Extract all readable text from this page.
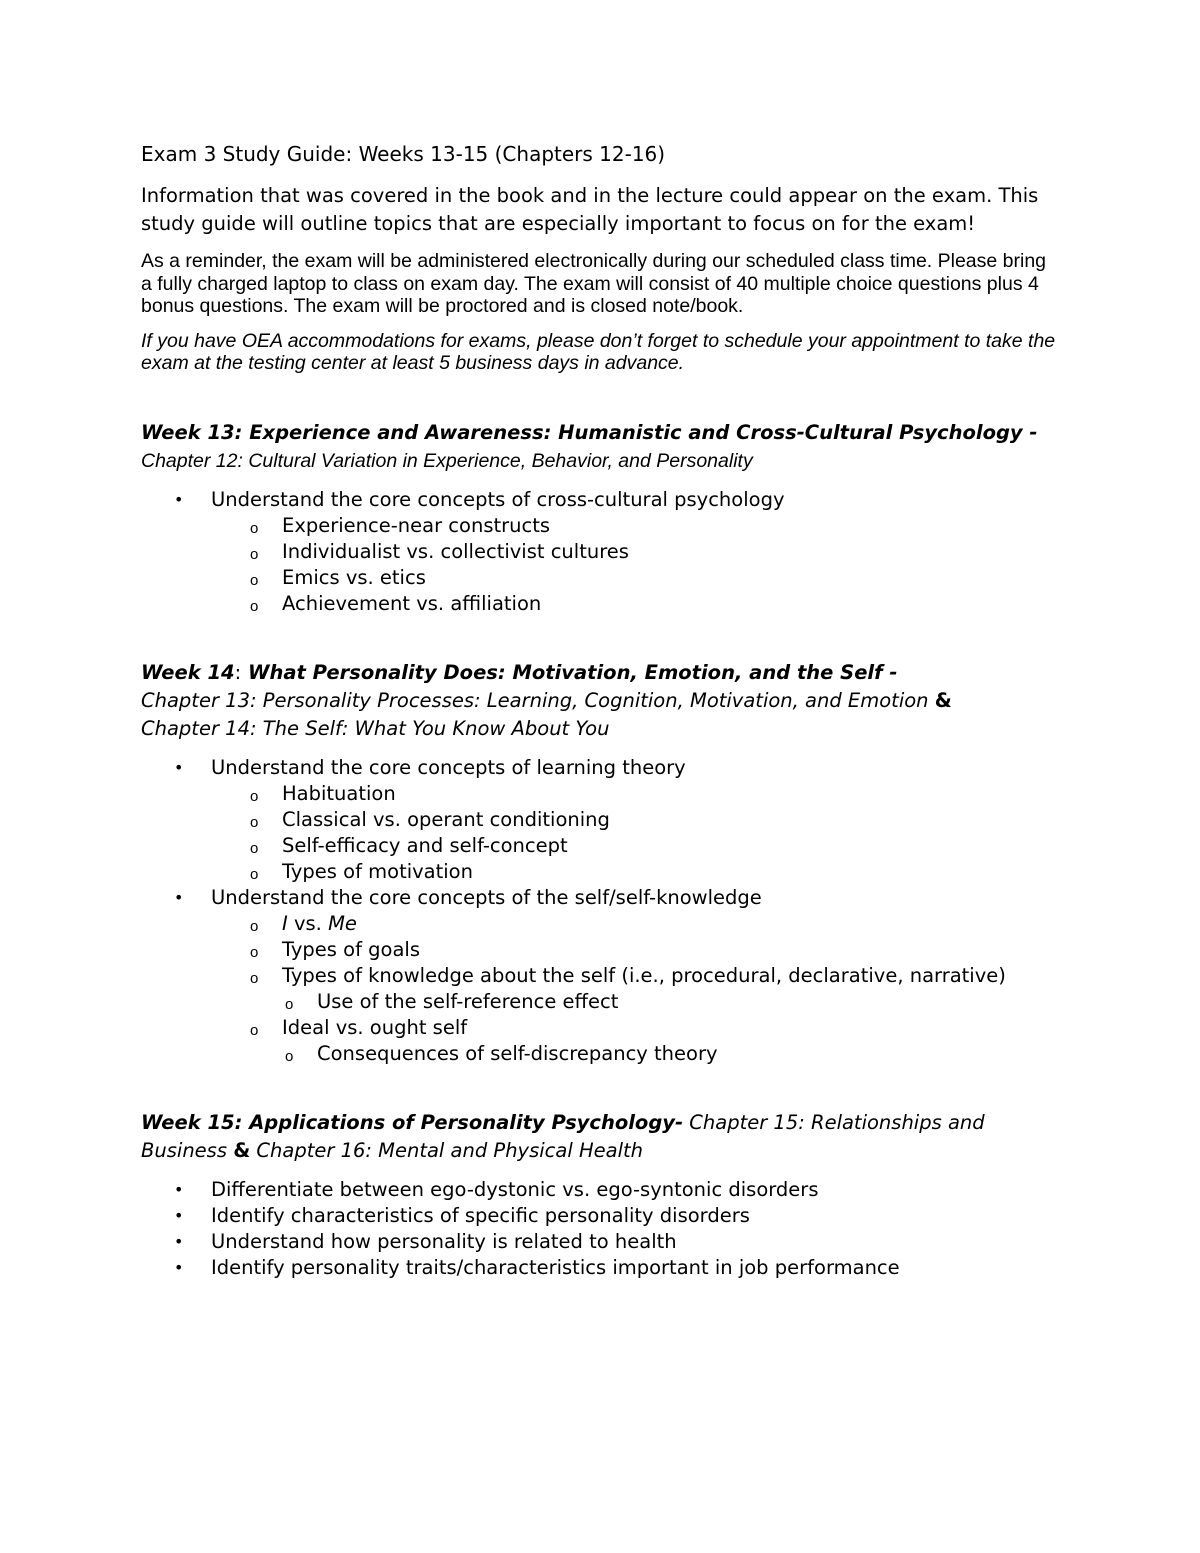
Exam 3 Study Guide: Weeks 13-15 (Chapters 12-16)

Information that was covered in the book and in the lecture could appear on the exam. This study guide will outline topics that are especially important to focus on for the exam!

As a reminder, the exam will be administered electronically during our scheduled class time. Please bring a fully charged laptop to class on exam day. The exam will consist of 40 multiple choice questions plus 4 bonus questions. The exam will be proctored and is closed note/book.

If you have OEA accommodations for exams, please don’t forget to schedule your appointment to take the exam at the testing center at least 5 business days in advance.

Week 13: Experience and Awareness: Humanistic and Cross-Cultural Psychology - Chapter 12: Cultural Variation in Experience, Behavior, and Personality

• Understand the core concepts of cross-cultural psychology
o Experience-near constructs
o Individualist vs. collectivist cultures
o Emics vs. etics
o Achievement vs. affiliation

Week 14: What Personality Does: Motivation, Emotion, and the Self -
Chapter 13: Personality Processes: Learning, Cognition, Motivation, and Emotion &
Chapter 14: The Self: What You Know About You

• Understand the core concepts of learning theory
o Habituation
o Classical vs. operant conditioning
o Self-efficacy and self-concept
o Types of motivation
• Understand the core concepts of the self/self-knowledge
o I vs. Me
o Types of goals
o Types of knowledge about the self (i.e., procedural, declarative, narrative)
o Use of the self-reference effect
o Ideal vs. ought self
o Consequences of self-discrepancy theory

Week 15: Applications of Personality Psychology- Chapter 15: Relationships and Business & Chapter 16: Mental and Physical Health

• Differentiate between ego-dystonic vs. ego-syntonic disorders
• Identify characteristics of specific personality disorders
• Understand how personality is related to health
• Identify personality traits/characteristics important in job performance
